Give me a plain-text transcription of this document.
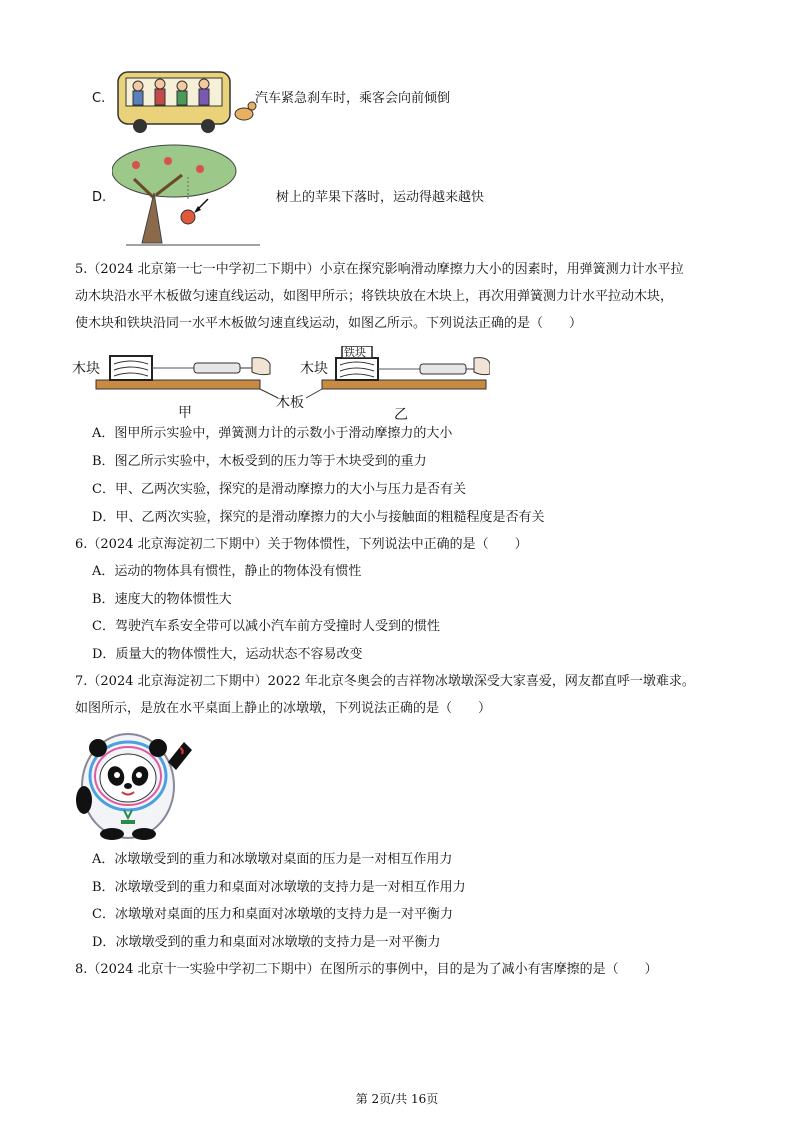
C.	汽车紧急刹车时，乘客会向前倾倒
D.	树上的苹果下落时，运动得越来越快
5.（2024 北京第一七一中学初二下期中）小京在探究影响滑动摩擦力大小的因素时，用弹簧测力计水平拉
动木块沿水平木板做匀速直线运动，如图甲所示；将铁块放在木块上，再次用弹簧测力计水平拉动木块，
使木块和铁块沿同一水平木板做匀速直线运动，如图乙所示。下列说法正确的是（　　）
木块	木块
铁块
木板
甲	乙
A．图甲所示实验中，弹簧测力计的示数小于滑动摩擦力的大小
B．图乙所示实验中，木板受到的压力等于木块受到的重力
C．甲、乙两次实验，探究的是滑动摩擦力的大小与压力是否有关
D．甲、乙两次实验，探究的是滑动摩擦力的大小与接触面的粗糙程度是否有关
6.（2024 北京海淀初二下期中）关于物体惯性，下列说法中正确的是（　　）
A．运动的物体具有惯性，静止的物体没有惯性
B．速度大的物体惯性大
C．驾驶汽车系安全带可以减小汽车前方受撞时人受到的惯性
D．质量大的物体惯性大，运动状态不容易改变
7.（2024 北京海淀初二下期中）2022 年北京冬奥会的吉祥物冰墩墩深受大家喜爱，网友都直呼一墩难求。
如图所示，是放在水平桌面上静止的冰墩墩，下列说法正确的是（　　）
A．冰墩墩受到的重力和冰墩墩对桌面的压力是一对相互作用力
B．冰墩墩受到的重力和桌面对冰墩墩的支持力是一对相互作用力
C．冰墩墩对桌面的压力和桌面对冰墩墩的支持力是一对平衡力
D．冰墩墩受到的重力和桌面对冰墩墩的支持力是一对平衡力
8.（2024 北京十一实验中学初二下期中）在图所示的事例中，目的是为了减小有害摩擦的是（　　）
第 2页/共 16页
